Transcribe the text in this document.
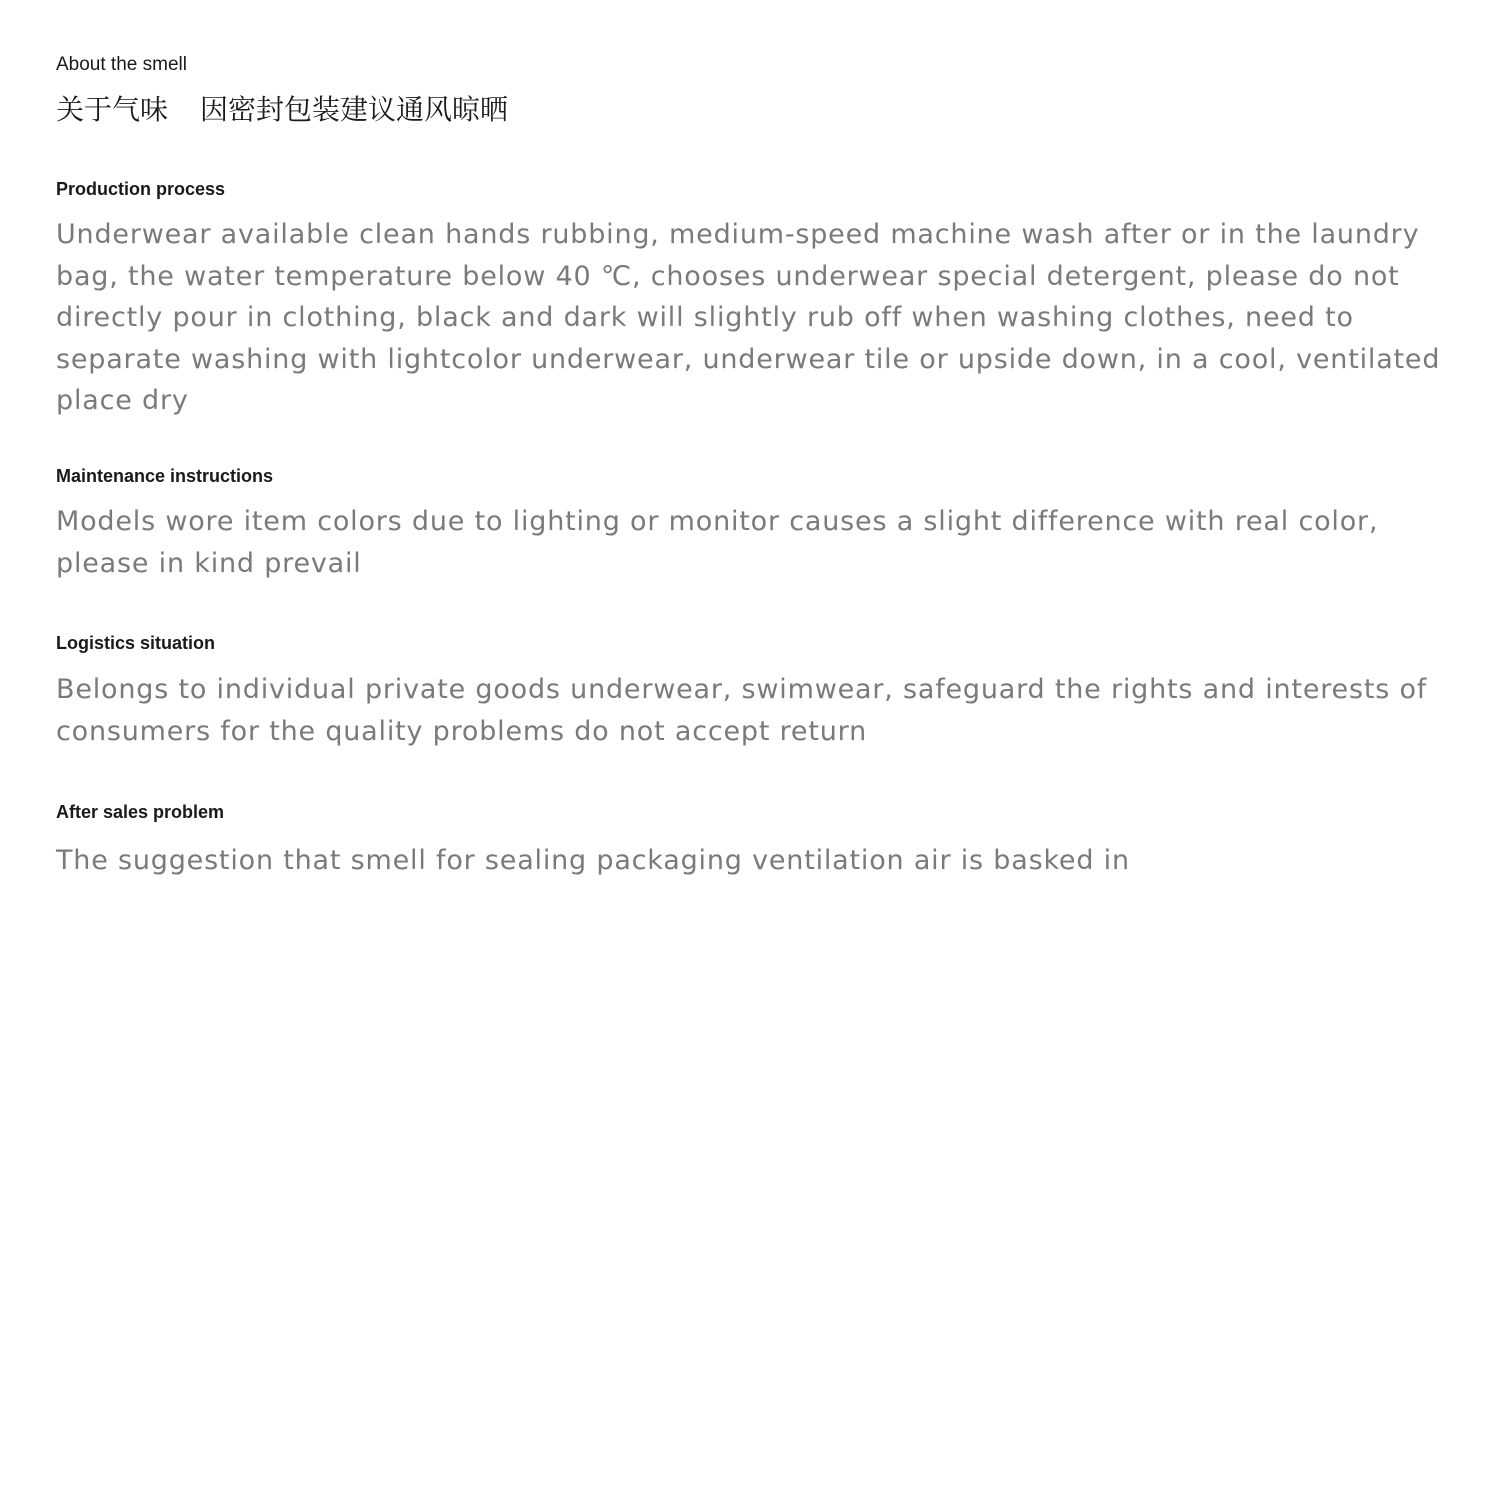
About the smell
关于气味 因密封包装建议通风晾晒
Production process

Underwear available clean hands rubbing, medium-speed machine wash after or in the laundry bag, the water temperature below 40 ℃, chooses underwear special detergent, please do not directly pour in clothing, black and dark will slightly rub off when washing clothes, need to separate washing with lightcolor underwear, underwear tile or upside down, in a cool, ventilated place dry

Maintenance instructions

Models wore item colors due to lighting or monitor causes a slight difference with real color, please in kind prevail

Logistics situation

Belongs to individual private goods underwear, swimwear, safeguard the rights and interests of consumers for the quality problems do not accept return

After sales problem

The suggestion that smell for sealing packaging ventilation air is basked in
